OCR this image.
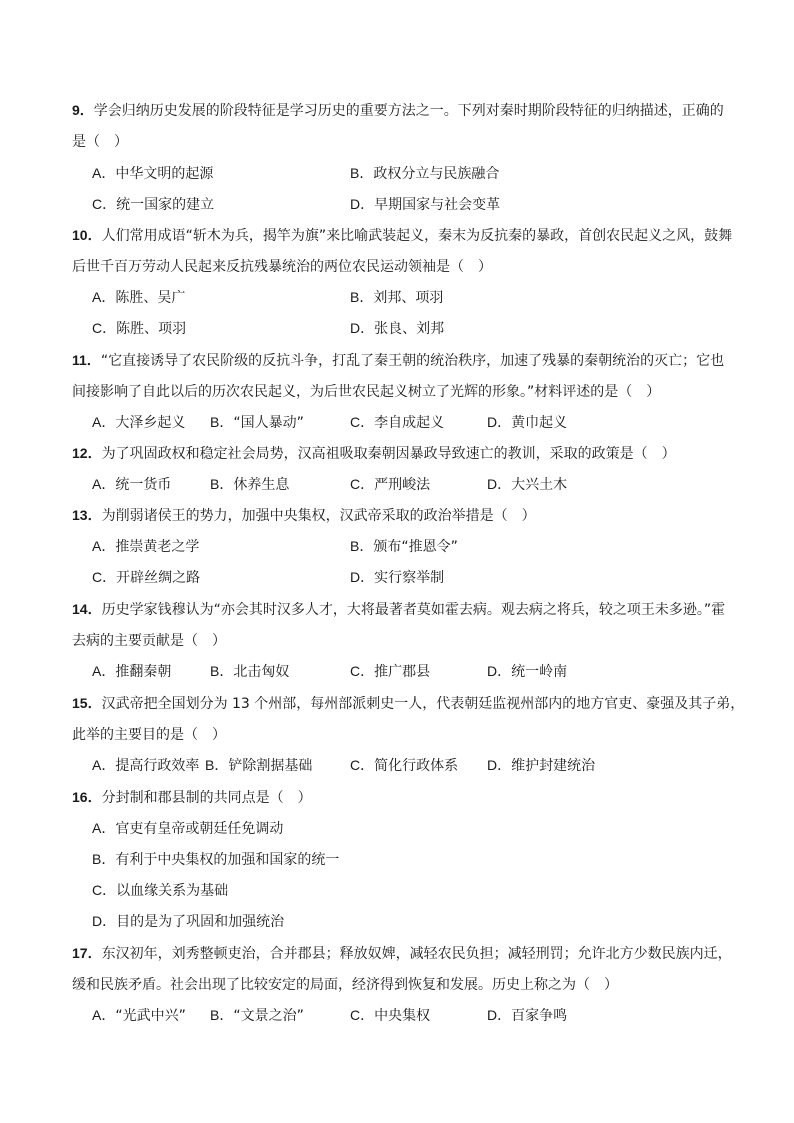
9．学会归纳历史发展的阶段特征是学习历史的重要方法之一。下列对秦时期阶段特征的归纳描述，正确的
是（　）
A．中华文明的起源	B．政权分立与民族融合
C．统一国家的建立	D．早期国家与社会变革
10．人们常用成语“斩木为兵，揭竿为旗”来比喻武装起义，秦末为反抗秦的暴政，首创农民起义之风，鼓舞
后世千百万劳动人民起来反抗残暴统治的两位农民运动领袖是（　）
A．陈胜、吴广	B．刘邦、项羽
C．陈胜、项羽	D．张良、刘邦
11．“它直接诱导了农民阶级的反抗斗争，打乱了秦王朝的统治秩序，加速了残暴的秦朝统治的灭亡；它也
间接影响了自此以后的历次农民起义，为后世农民起义树立了光辉的形象。”材料评述的是（　）
A．大泽乡起义 B．“国人暴动”	C．李自成起义	D．黄巾起义
12．为了巩固政权和稳定社会局势，汉高祖吸取秦朝因暴政导致速亡的教训，采取的政策是（　）
A．统一货币	B．休养生息	C．严刑峻法	D．大兴土木
13．为削弱诸侯王的势力，加强中央集权，汉武帝采取的政治举措是（　）
A．推崇黄老之学	B．颁布“推恩令”
C．开辟丝绸之路	D．实行察举制
14．历史学家钱穆认为“亦会其时汉多人才，大将最著者莫如霍去病。观去病之将兵，较之项王未多逊。”霍
去病的主要贡献是（　）
A．推翻秦朝	B．北击匈奴	C．推广郡县	D．统一岭南
15．汉武帝把全国划分为 13 个州部，每州部派刺史一人，代表朝廷监视州部内的地方官吏、豪强及其子弟，
此举的主要目的是（　）
A．提高行政效率 B．铲除割据基础	C．简化行政体系 D．维护封建统治
16．分封制和郡县制的共同点是（　）
A．官吏有皇帝或朝廷任免调动
B．有利于中央集权的加强和国家的统一
C．以血缘关系为基础
D．目的是为了巩固和加强统治
17．东汉初年，刘秀整顿吏治，合并郡县；释放奴婢，减轻农民负担；减轻刑罚；允许北方少数民族内迁，
缓和民族矛盾。社会出现了比较安定的局面，经济得到恢复和发展。历史上称之为（　）
A．“光武中兴” B．“文景之治”	C．中央集权	D．百家争鸣
